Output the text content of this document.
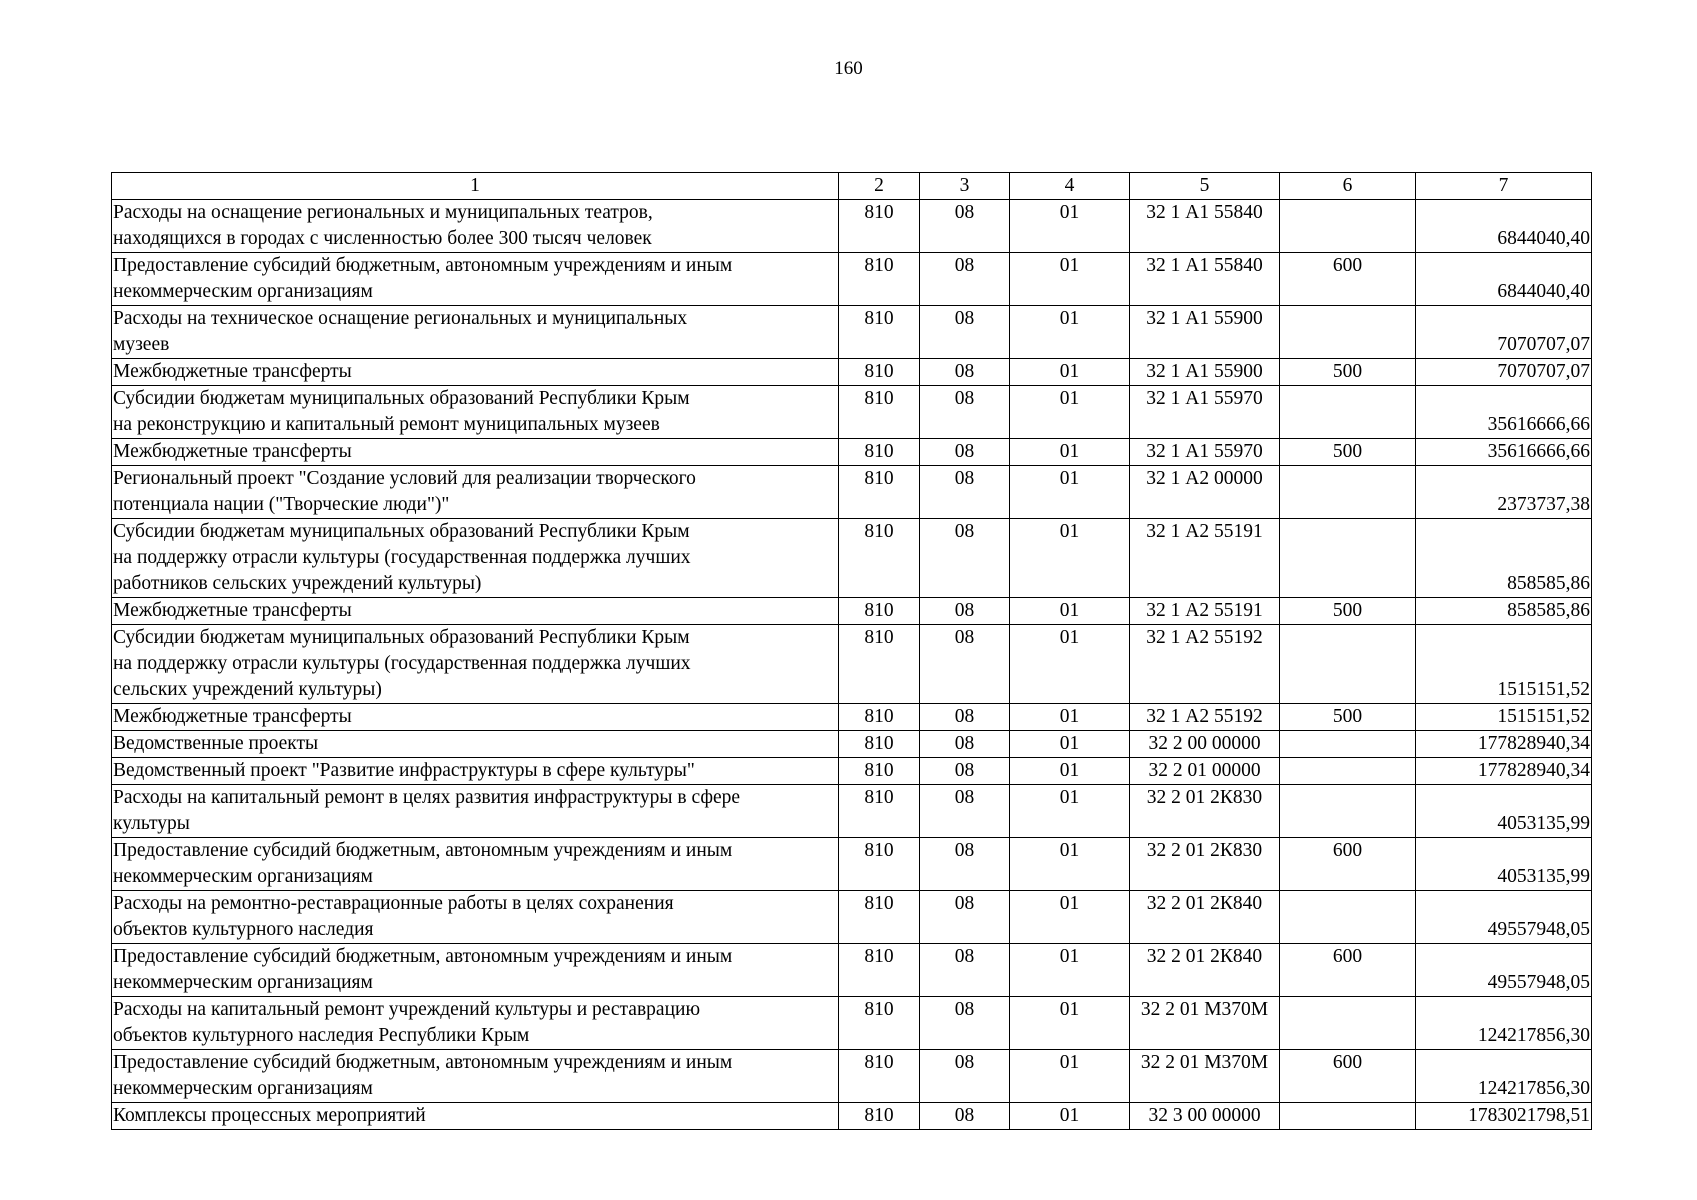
160
1	2	3	4	5	6	7

Расходы на оснащение региональных и муниципальных театров,
находящихся в городах с численностью более 300 тысяч человек	810	08	01	32 1 А1 55840		6844040,40

Предоставление субсидий бюджетным, автономным учреждениям и иным
некоммерческим организациям	810	08	01	32 1 А1 55840	600	6844040,40

Расходы на техническое оснащение региональных и муниципальных
музеев	810	08	01	32 1 А1 55900		7070707,07

Межбюджетные трансферты	810	08	01	32 1 А1 55900	500	7070707,07

Субсидии бюджетам муниципальных образований Республики Крым
на реконструкцию и капитальный ремонт муниципальных музеев	810	08	01	32 1 А1 55970		35616666,66

Межбюджетные трансферты	810	08	01	32 1 А1 55970	500	35616666,66

Региональный проект "Создание условий для реализации творческого
потенциала нации ("Творческие люди")"	810	08	01	32 1 А2 00000		2373737,38

Субсидии бюджетам муниципальных образований Республики Крым
на поддержку отрасли культуры (государственная поддержка лучших
работников сельских учреждений культуры)	810	08	01	32 1 А2 55191		858585,86

Межбюджетные трансферты	810	08	01	32 1 А2 55191	500	858585,86

Субсидии бюджетам муниципальных образований Республики Крым
на поддержку отрасли культуры (государственная поддержка лучших
сельских учреждений культуры)	810	08	01	32 1 А2 55192		1515151,52

Межбюджетные трансферты	810	08	01	32 1 А2 55192	500	1515151,52

Ведомственные проекты	810	08	01	32 2 00 00000		177828940,34

Ведомственный проект "Развитие инфраструктуры в сфере культуры"	810	08	01	32 2 01 00000		177828940,34

Расходы на капитальный ремонт в целях развития инфраструктуры в сфере
культуры	810	08	01	32 2 01 2К830		4053135,99

Предоставление субсидий бюджетным, автономным учреждениям и иным
некоммерческим организациям	810	08	01	32 2 01 2К830	600	4053135,99

Расходы на ремонтно-реставрационные работы в целях сохранения
объектов культурного наследия	810	08	01	32 2 01 2К840		49557948,05

Предоставление субсидий бюджетным, автономным учреждениям и иным
некоммерческим организациям	810	08	01	32 2 01 2К840	600	49557948,05

Расходы на капитальный ремонт учреждений культуры и реставрацию
объектов культурного наследия Республики Крым	810	08	01	32 2 01 М370М		124217856,30

Предоставление субсидий бюджетным, автономным учреждениям и иным
некоммерческим организациям	810	08	01	32 2 01 М370М	600	124217856,30

Комплексы процессных мероприятий	810	08	01	32 3 00 00000		1783021798,51
